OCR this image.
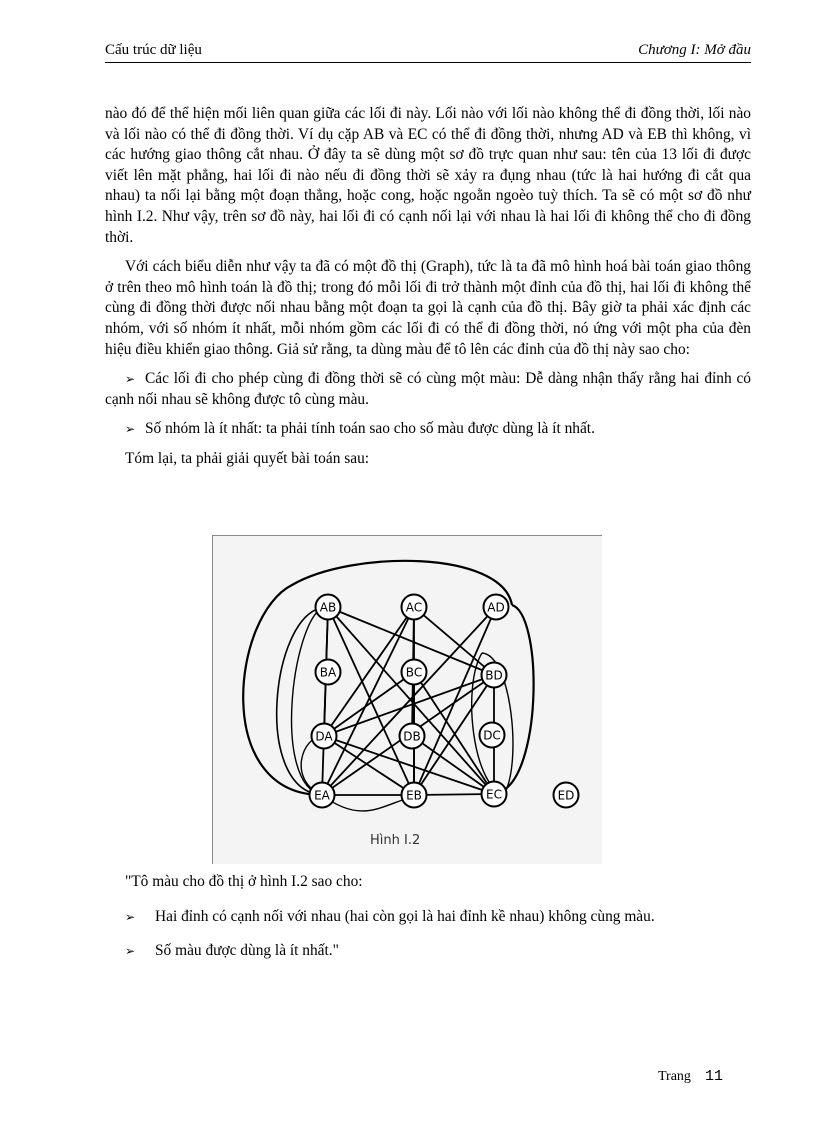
Cấu trúc dữ liệu	Chương I: Mở đầu

nào đó để thể hiện mối liên quan giữa các lối đi này. Lối nào với lối nào không thể đi đồng thời, lối nào và lối nào có thể đi đồng thời. Ví dụ cặp AB và EC có thể đi đồng thời, nhưng AD và EB thì không, vì các hướng giao thông cắt nhau. Ở đây ta sẽ dùng một sơ đồ trực quan như sau: tên của 13 lối đi được viết lên mặt phẳng, hai lối đi nào nếu đi đồng thời sẽ xảy ra đụng nhau (tức là hai hướng đi cắt qua nhau) ta nối lại bằng một đoạn thẳng, hoặc cong, hoặc ngoằn ngoèo tuỳ thích. Ta sẽ có một sơ đồ như hình I.2. Như vậy, trên sơ đồ này, hai lối đi có cạnh nối lại với nhau là hai lối đi không thể cho đi đồng thời.

Với cách biểu diễn như vậy ta đã có một đồ thị (Graph), tức là ta đã mô hình hoá bài toán giao thông ở trên theo mô hình toán là đồ thị; trong đó mỗi lối đi trở thành một đỉnh của đồ thị, hai lối đi không thể cùng đi đồng thời được nối nhau bằng một đoạn ta gọi là cạnh của đồ thị. Bây giờ ta phải xác định các nhóm, với số nhóm ít nhất, mỗi nhóm gồm các lối đi có thể đi đồng thời, nó ứng với một pha của đèn hiệu điều khiển giao thông. Giả sử rằng, ta dùng màu để tô lên các đỉnh của đồ thị này sao cho:

➢ Các lối đi cho phép cùng đi đồng thời sẽ có cùng một màu: Dễ dàng nhận thấy rằng hai đỉnh có cạnh nối nhau sẽ không được tô cùng màu.

➢ Số nhóm là ít nhất: ta phải tính toán sao cho số màu được dùng là ít nhất.

Tóm lại, ta phải giải quyết bài toán sau:

AB	AC	AD
BA	BC	BD
DA	DB	DC
EA	EB	EC	ED
Hình I.2

"Tô màu cho đồ thị ở hình I.2 sao cho:

➢ Hai đỉnh có cạnh nối với nhau (hai còn gọi là hai đỉnh kề nhau) không cùng màu.

➢ Số màu được dùng là ít nhất."

Trang 11
